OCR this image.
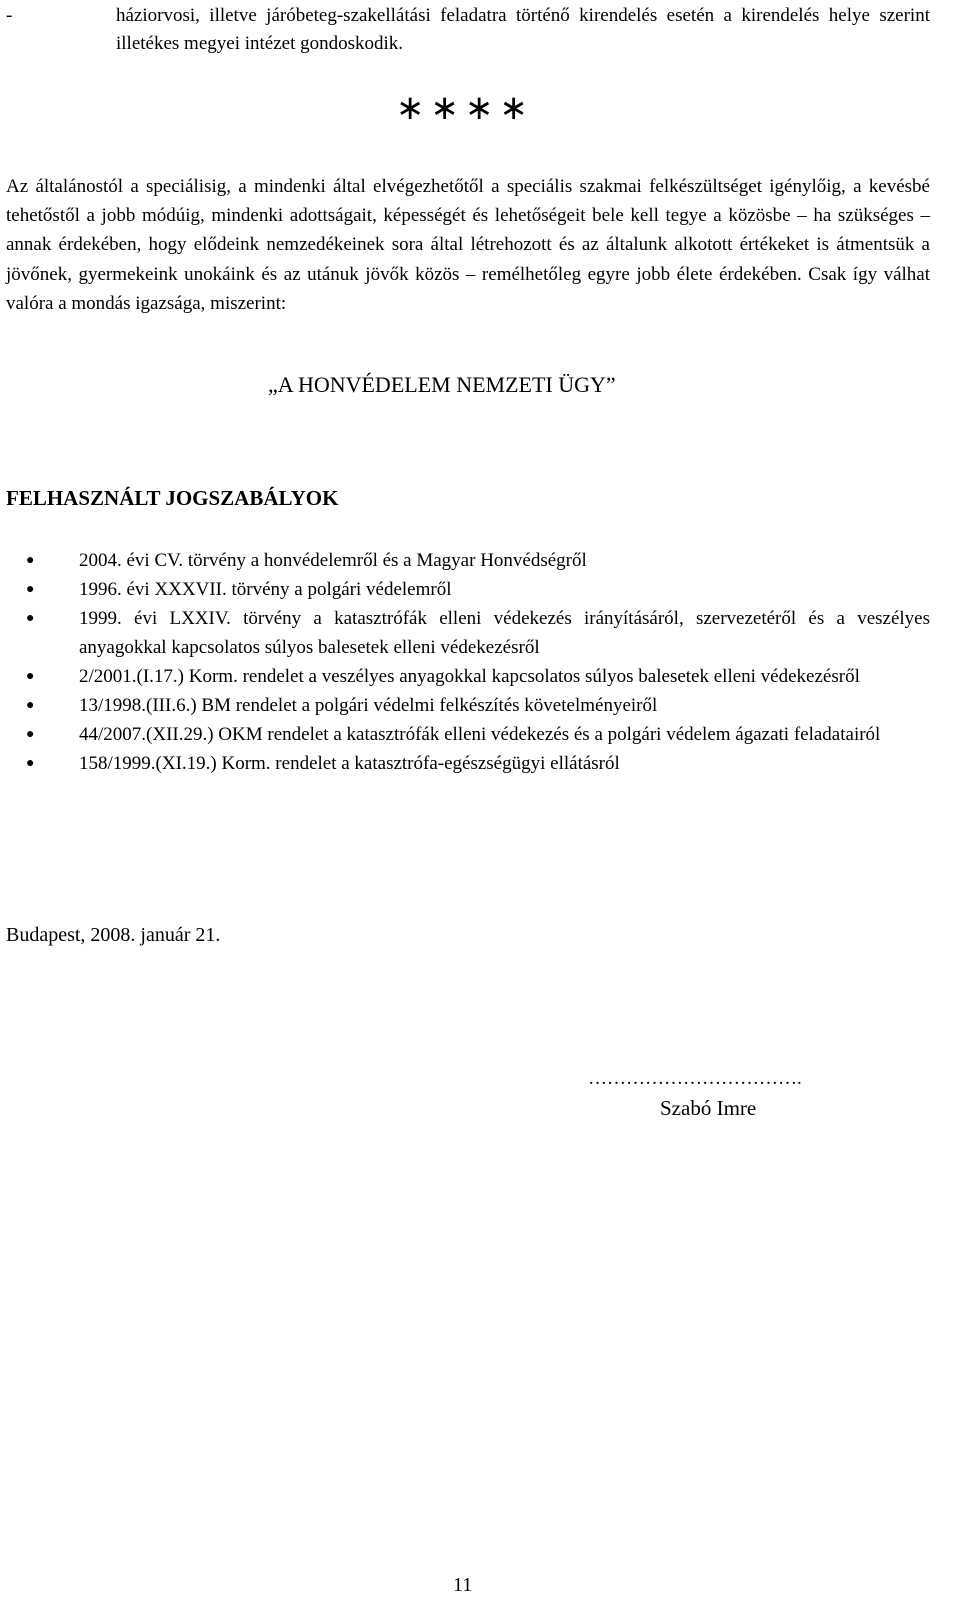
-	háziorvosi, illetve járóbeteg-szakellátási feladatra történő kirendelés esetén a kirendelés helye szerint illetékes megyei intézet gondoskodik.
∗∗∗∗
Az általánostól a speciálisig, a mindenki által elvégezhetőtől a speciális szakmai felkészültséget igénylőig, a kevésbé tehetőstől a jobb módúig, mindenki adottságait, képességét és lehetőségeit bele kell tegye a közösbe – ha szükséges – annak érdekében, hogy elődeink nemzedékeinek sora által létrehozott és az általunk alkotott értékeket is átmentsük a jövőnek, gyermekeink unokáink és az utánuk jövők közös – remélhetőleg egyre jobb élete érdekében. Csak így válhat valóra a mondás igazsága, miszerint:
„A HONVÉDELEM NEMZETI ÜGY”
FELHASZNÁLT JOGSZABÁLYOK
● 2004. évi CV. törvény a honvédelemről és a Magyar Honvédségről
● 1996. évi XXXVII. törvény a polgári védelemről
● 1999. évi LXXIV. törvény a katasztrófák elleni védekezés irányításáról, szervezetéről és a veszélyes anyagokkal kapcsolatos súlyos balesetek elleni védekezésről
● 2/2001.(I.17.) Korm. rendelet a veszélyes anyagokkal kapcsolatos súlyos balesetek elleni védekezésről
● 13/1998.(III.6.) BM rendelet a polgári védelmi felkészítés követelményeiről
● 44/2007.(XII.29.) OKM rendelet a katasztrófák elleni védekezés és a polgári védelem ágazati feladatairól
● 158/1999.(XI.19.) Korm. rendelet a katasztrófa-egészségügyi ellátásról
Budapest, 2008. január 21.
…………………………….
Szabó Imre
11
